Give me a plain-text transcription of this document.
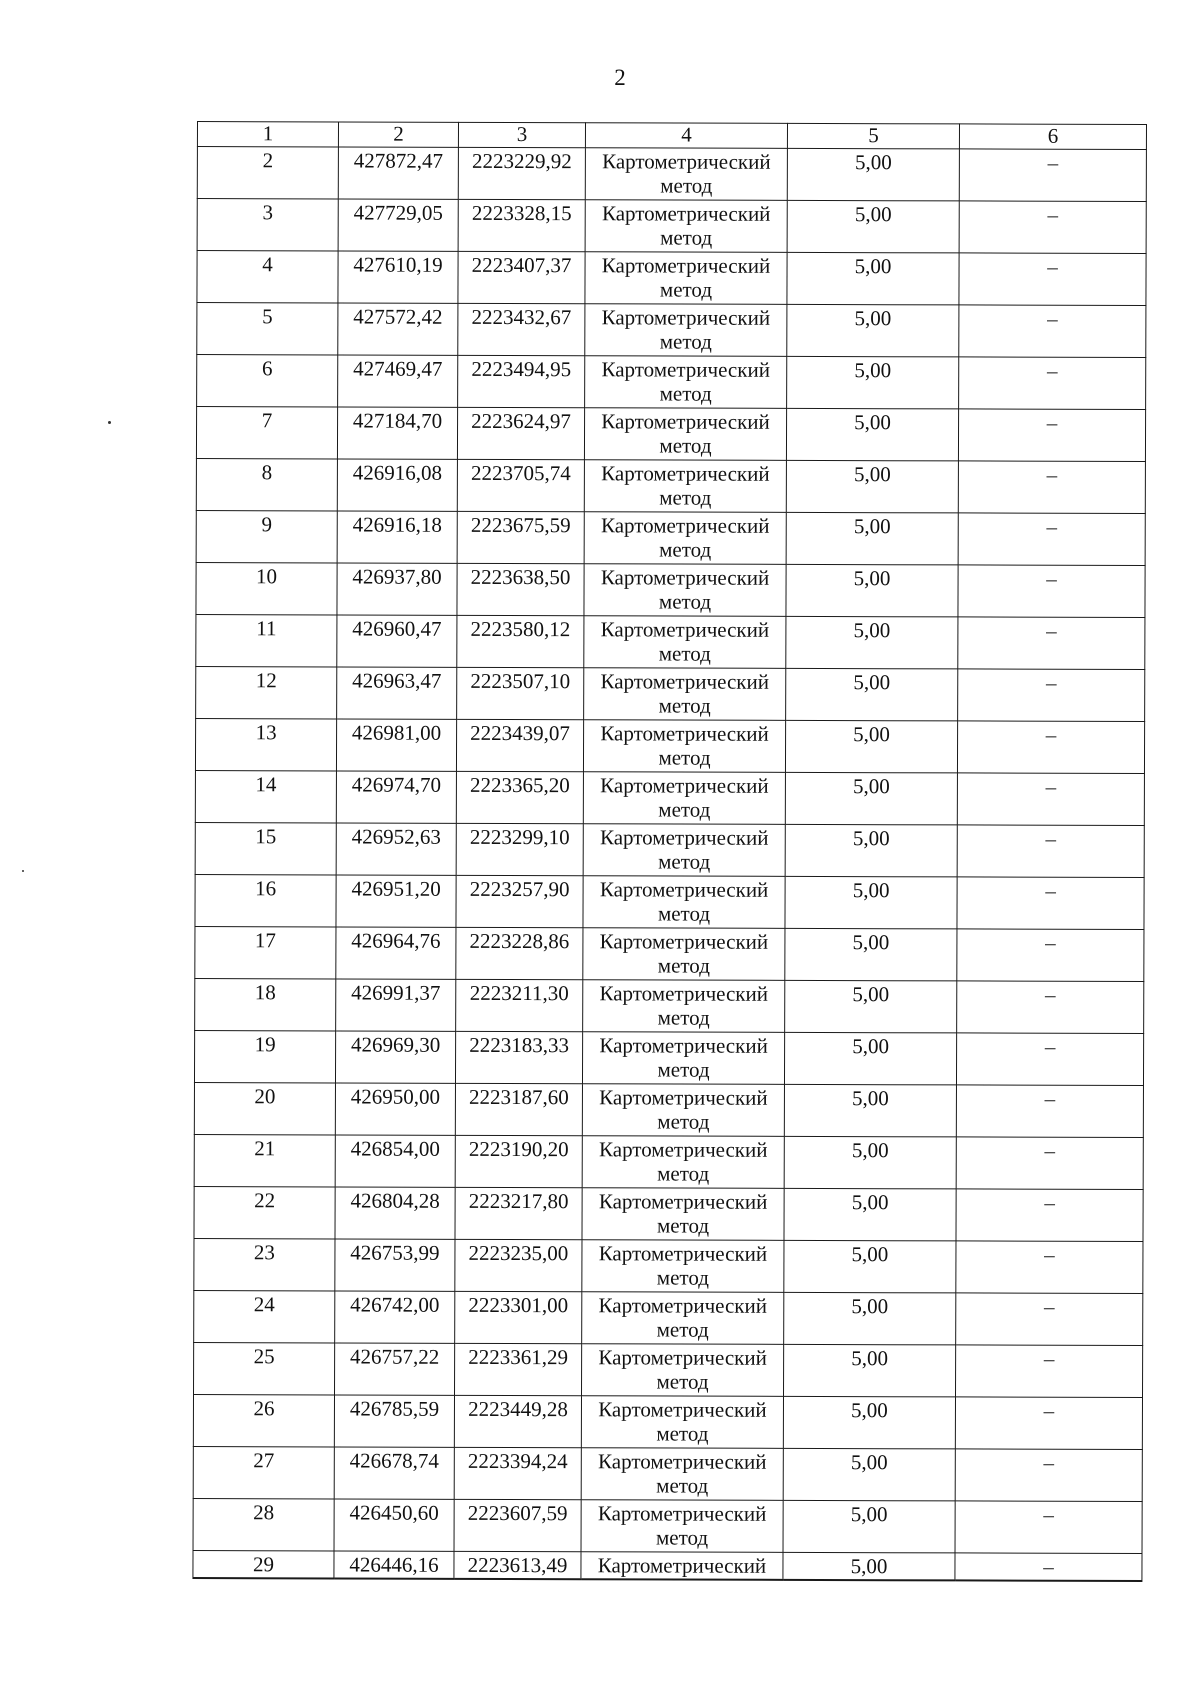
2
1	2	3	4	5	6
2	427872,47	2223229,92	Картометрический
метод	5,00	–
3	427729,05	2223328,15	Картометрический
метод	5,00	–
4	427610,19	2223407,37	Картометрический
метод	5,00	–
5	427572,42	2223432,67	Картометрический
метод	5,00	–
6	427469,47	2223494,95	Картометрический
метод	5,00	–
7	427184,70	2223624,97	Картометрический
метод	5,00	–
8	426916,08	2223705,74	Картометрический
метод	5,00	–
9	426916,18	2223675,59	Картометрический
метод	5,00	–
10	426937,80	2223638,50	Картометрический
метод	5,00	–
11	426960,47	2223580,12	Картометрический
метод	5,00	–
12	426963,47	2223507,10	Картометрический
метод	5,00	–
13	426981,00	2223439,07	Картометрический
метод	5,00	–
14	426974,70	2223365,20	Картометрический
метод	5,00	–
15	426952,63	2223299,10	Картометрический
метод	5,00	–
16	426951,20	2223257,90	Картометрический
метод	5,00	–
17	426964,76	2223228,86	Картометрический
метод	5,00	–
18	426991,37	2223211,30	Картометрический
метод	5,00	–
19	426969,30	2223183,33	Картометрический
метод	5,00	–
20	426950,00	2223187,60	Картометрический
метод	5,00	–
21	426854,00	2223190,20	Картометрический
метод	5,00	–
22	426804,28	2223217,80	Картометрический
метод	5,00	–
23	426753,99	2223235,00	Картометрический
метод	5,00	–
24	426742,00	2223301,00	Картометрический
метод	5,00	–
25	426757,22	2223361,29	Картометрический
метод	5,00	–
26	426785,59	2223449,28	Картометрический
метод	5,00	–
27	426678,74	2223394,24	Картометрический
метод	5,00	–
28	426450,60	2223607,59	Картометрический
метод	5,00	–
29	426446,16	2223613,49	Картометрический	5,00	–
